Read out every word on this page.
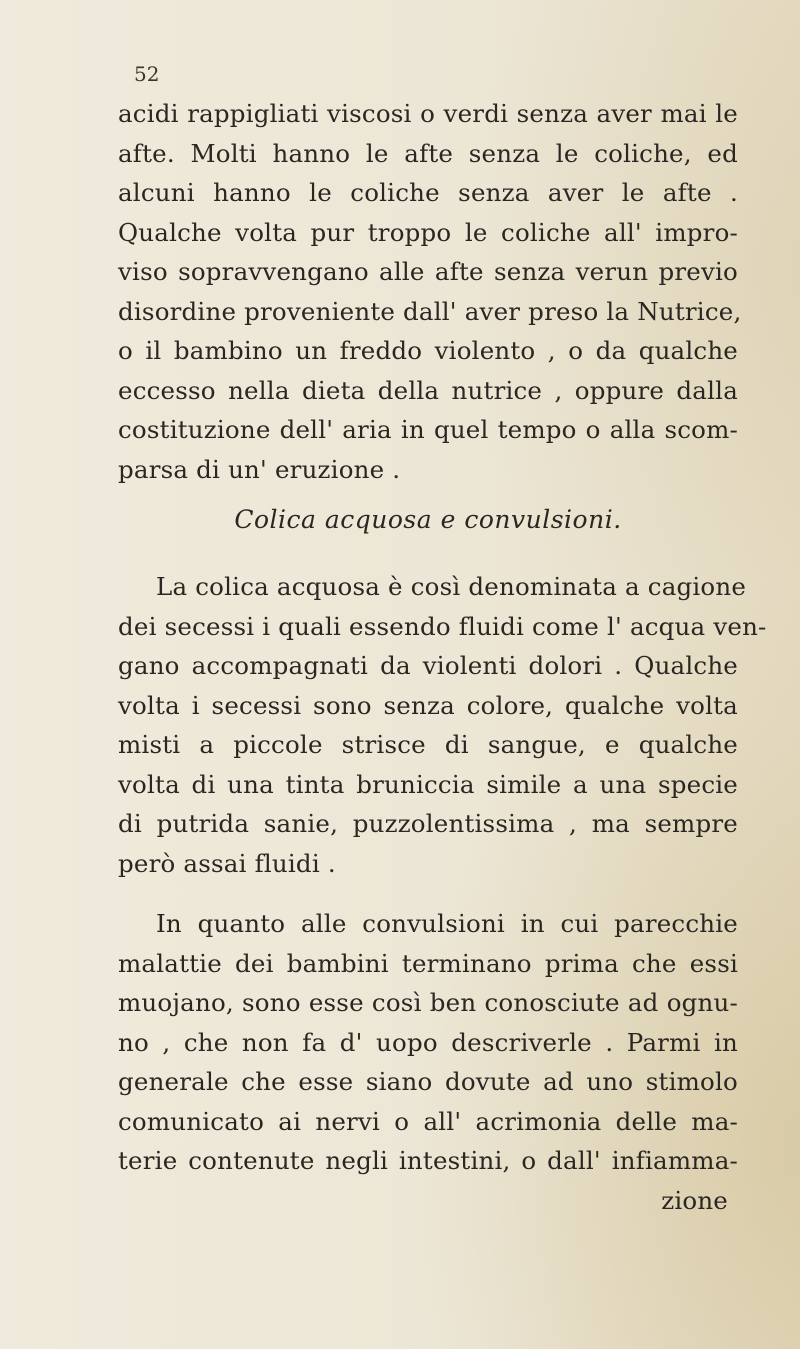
52
acidi rappigliati viscosi o verdi senza aver mai le
afte. Molti hanno le afte senza le coliche, ed
alcuni hanno le coliche senza aver le afte .
Qualche volta pur troppo le coliche all' impro-
viso sopravvengano alle afte senza verun previo
disordine proveniente dall' aver preso la Nutrice,
o il bambino un freddo violento , o da qualche
eccesso nella dieta della nutrice , oppure dalla
costituzione dell' aria in quel tempo o alla scom-
parsa di un' eruzione .
Colica acquosa e convulsioni.
La colica acquosa è così denominata a cagione
dei secessi i quali essendo fluidi come l' acqua ven-
gano accompagnati da violenti dolori . Qualche
volta i secessi sono senza colore, qualche volta
misti a piccole strisce di sangue, e qualche
volta di una tinta bruniccia simile a una specie
di putrida sanie, puzzolentissima , ma sempre
però assai fluidi .
In quanto alle convulsioni in cui parecchie
malattie dei bambini terminano prima che essi
muojano, sono esse così ben conosciute ad ognu-
no , che non fa d' uopo descriverle . Parmi in
generale che esse siano dovute ad uno stimolo
comunicato ai nervi o all' acrimonia delle ma-
terie contenute negli intestini, o dall' infiamma-
zione
